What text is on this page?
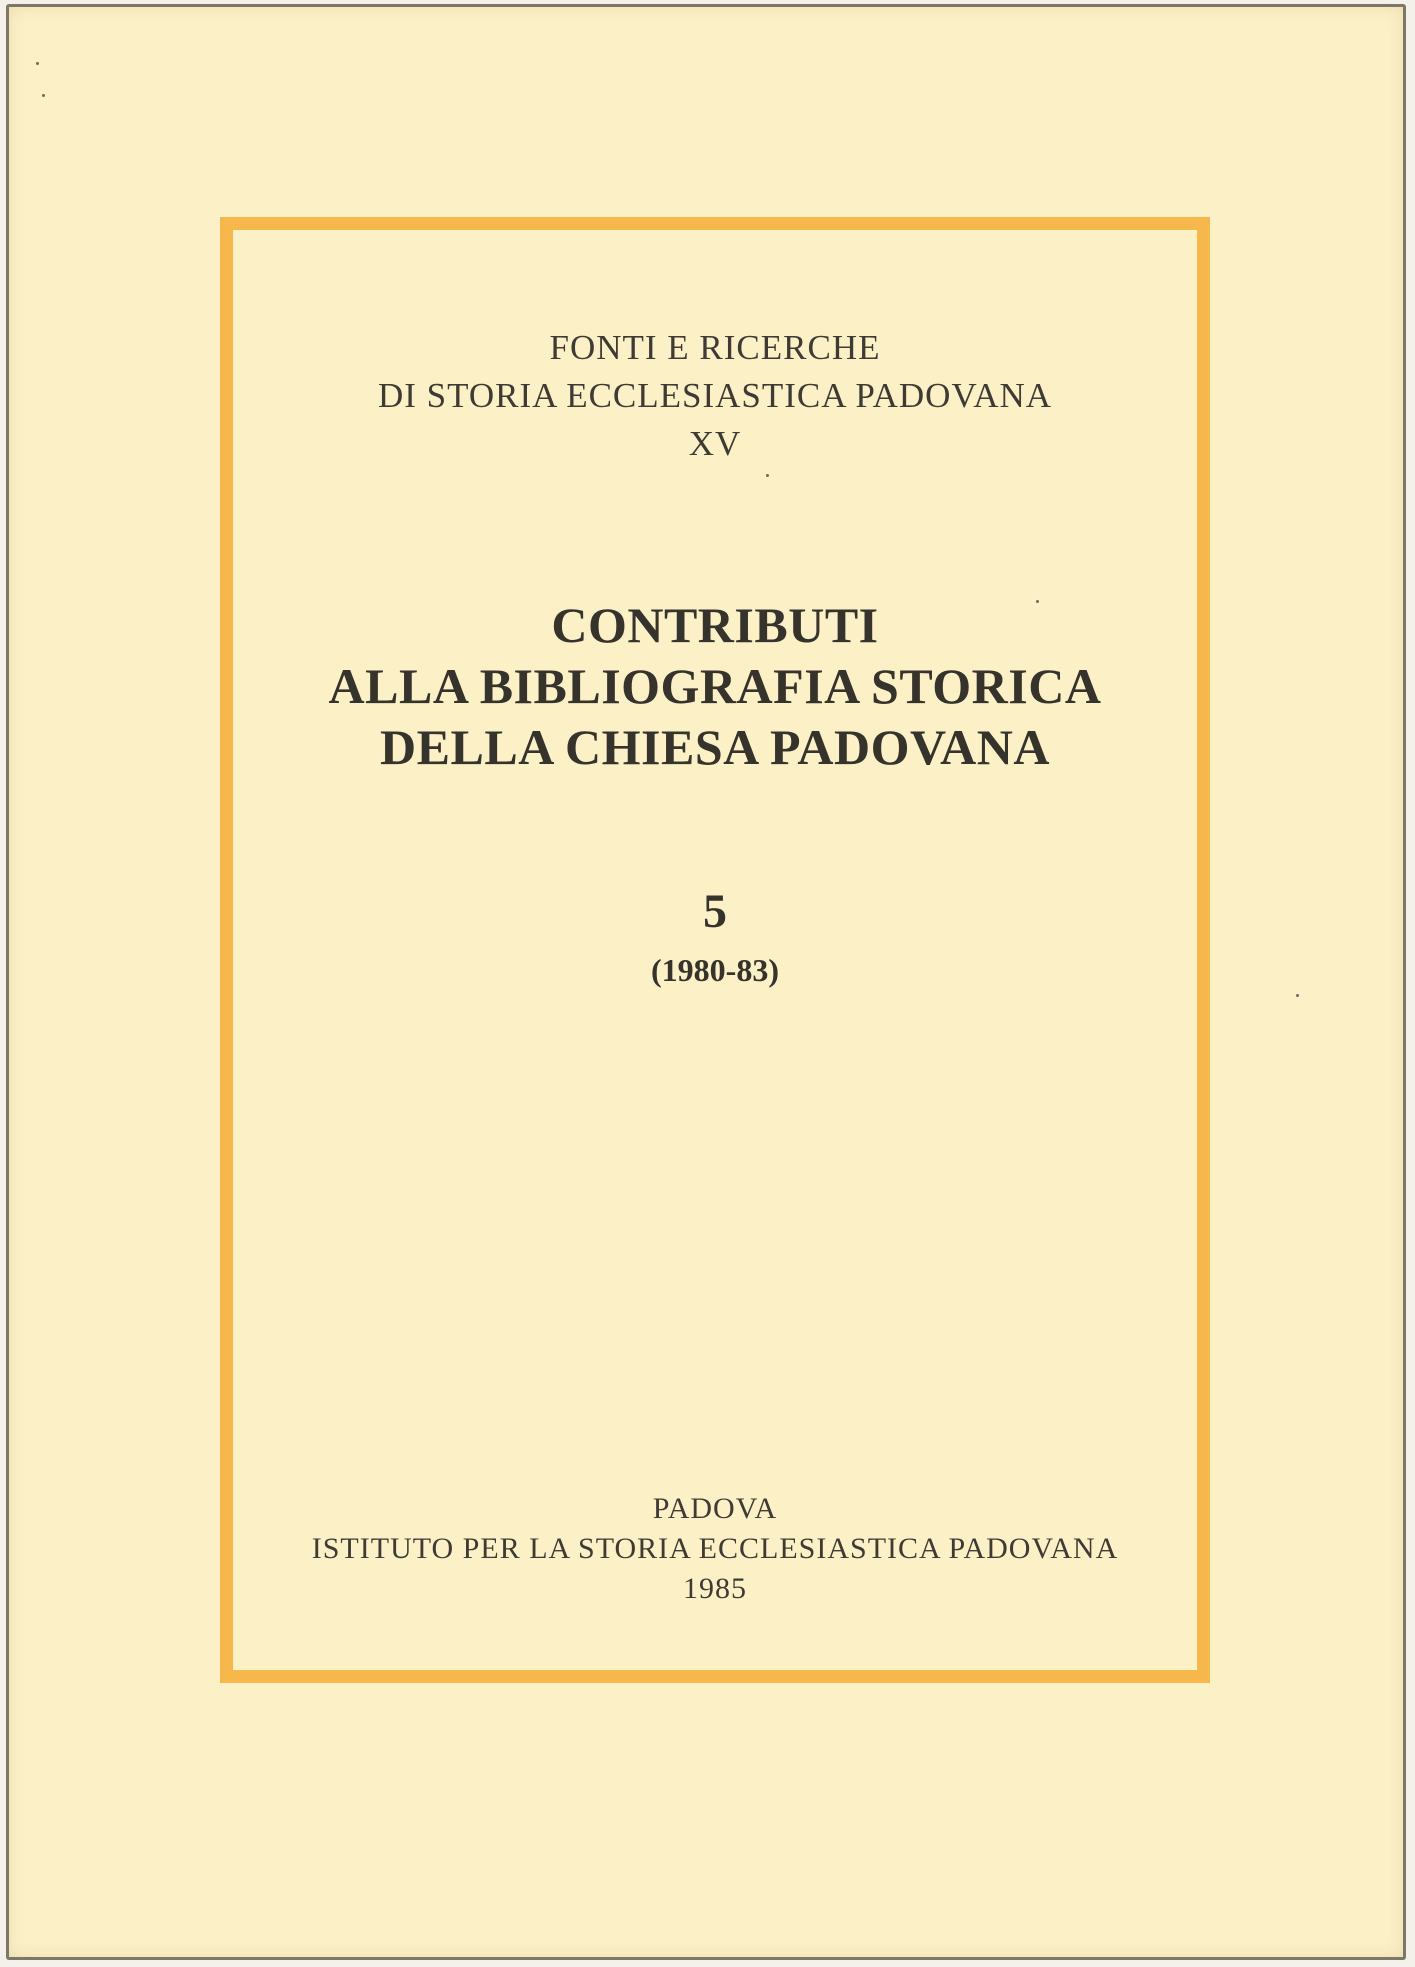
FONTI E RICERCHE
DI STORIA ECCLESIASTICA PADOVANA
XV
CONTRIBUTI
ALLA BIBLIOGRAFIA STORICA
DELLA CHIESA PADOVANA
5
(1980-83)
PADOVA
ISTITUTO PER LA STORIA ECCLESIASTICA PADOVANA
1985
